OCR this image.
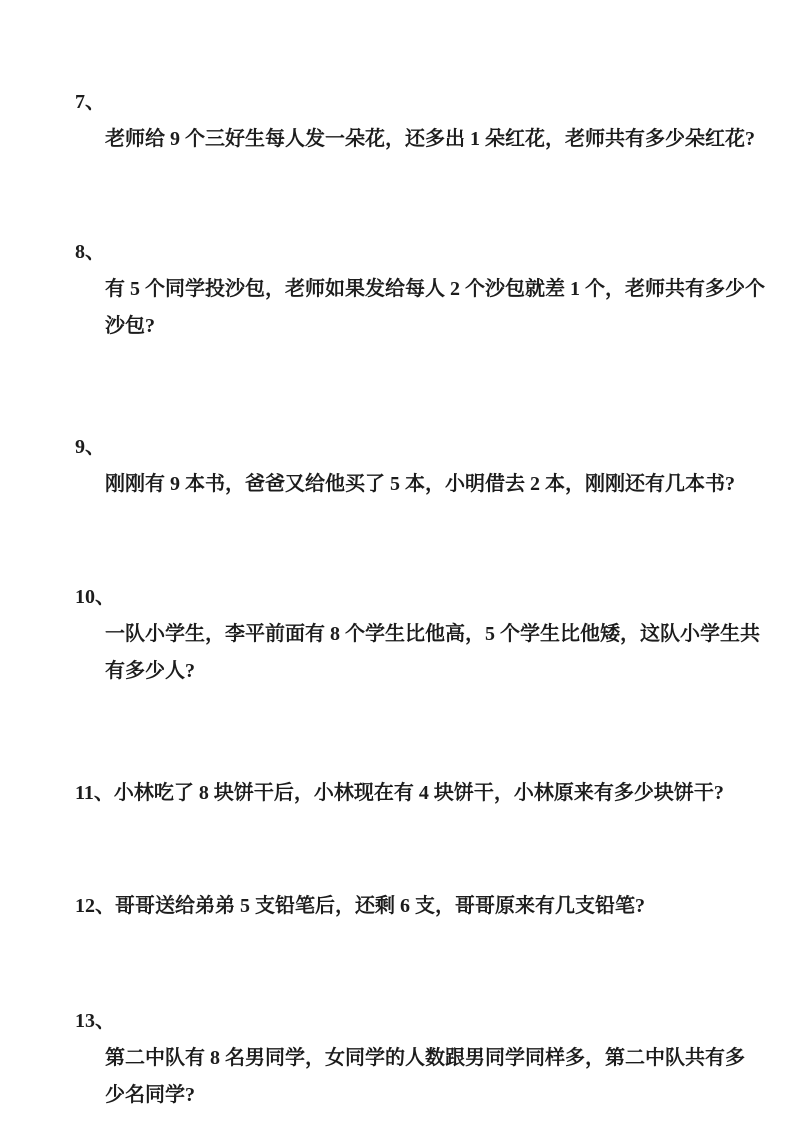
7、老师给 9 个三好生每人发一朵花，还多出 1 朵红花，老师共有多少朵红花?

8、有 5 个同学投沙包，老师如果发给每人 2 个沙包就差 1 个，老师共有多少个
沙包?

9、刚刚有 9 本书，爸爸又给他买了 5 本，小明借去 2 本，刚刚还有几本书?

10、一队小学生，李平前面有 8 个学生比他高，5 个学生比他矮，这队小学生共
有多少人?

11、小林吃了 8 块饼干后，小林现在有 4 块饼干，小林原来有多少块饼干?

12、哥哥送给弟弟 5 支铅笔后，还剩 6 支，哥哥原来有几支铅笔?

13、第二中队有 8 名男同学，女同学的人数跟男同学同样多，第二中队共有多
少名同学?
